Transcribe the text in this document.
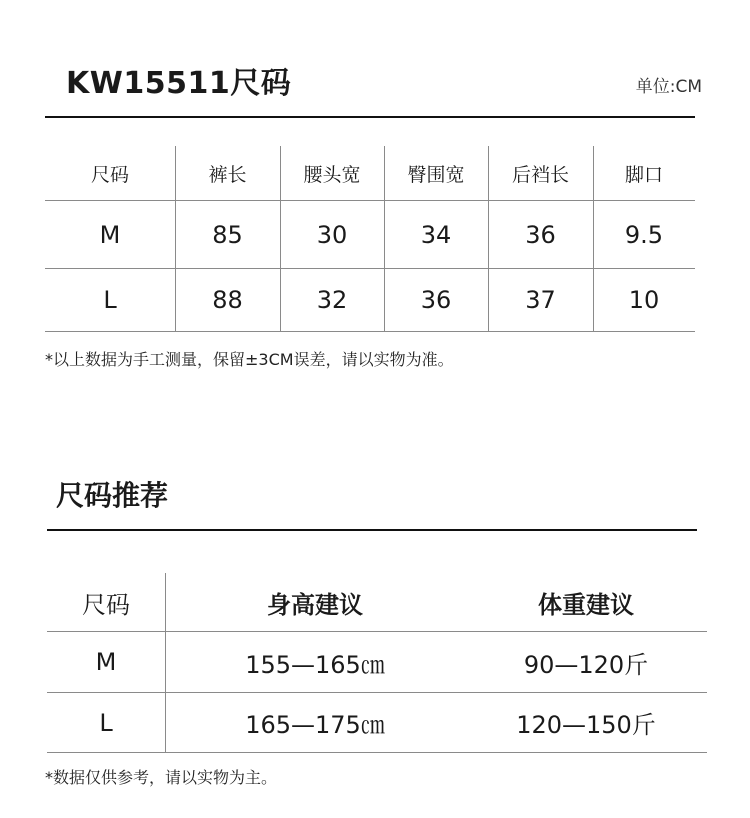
KW15511尺码	单位:CM
尺码	裤长	腰头宽	臀围宽	后裆长	脚口
M	85	30	34	36	9.5
L	88	32	36	37	10
*以上数据为手工测量，保留±3CM误差，请以实物为准。
尺码推荐
尺码	身高建议	体重建议
M	155—165㎝	90—120斤
L	165—175㎝	120—150斤
*数据仅供参考，请以实物为主。
